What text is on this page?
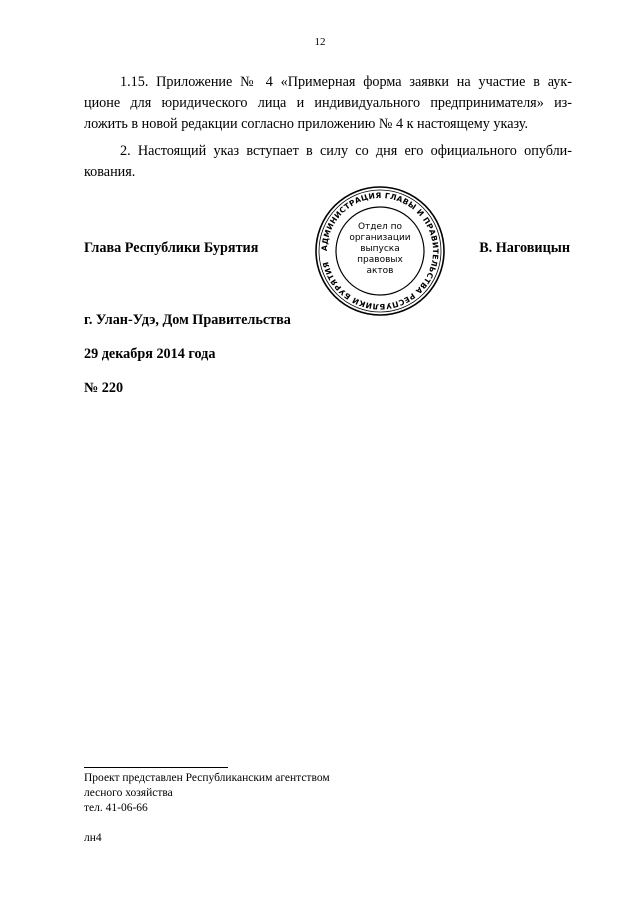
12

1.15. Приложение № 4 «Примерная форма заявки на участие в аук-
ционе для юридического лица и индивидуального предпринимателя» из-
ложить в новой редакции согласно приложению № 4 к настоящему указу.

2. Настоящий указ вступает в силу со дня его официального опубли-
кования.

Глава Республики Бурятия	В. Наговицын
АДМИНИСТРАЦИЯ ГЛАВЫ И ПРАВИТЕЛЬСТВА РЕСПУБЛИКИ БУРЯТИЯ
Отдел по
организации
выпуска
правовых
актов
г. Улан-Удэ, Дом Правительства
29 декабря 2014 года
№ 220
Проект представлен Республиканским агентством
лесного хозяйства
тел. 41-06-66
лн4
